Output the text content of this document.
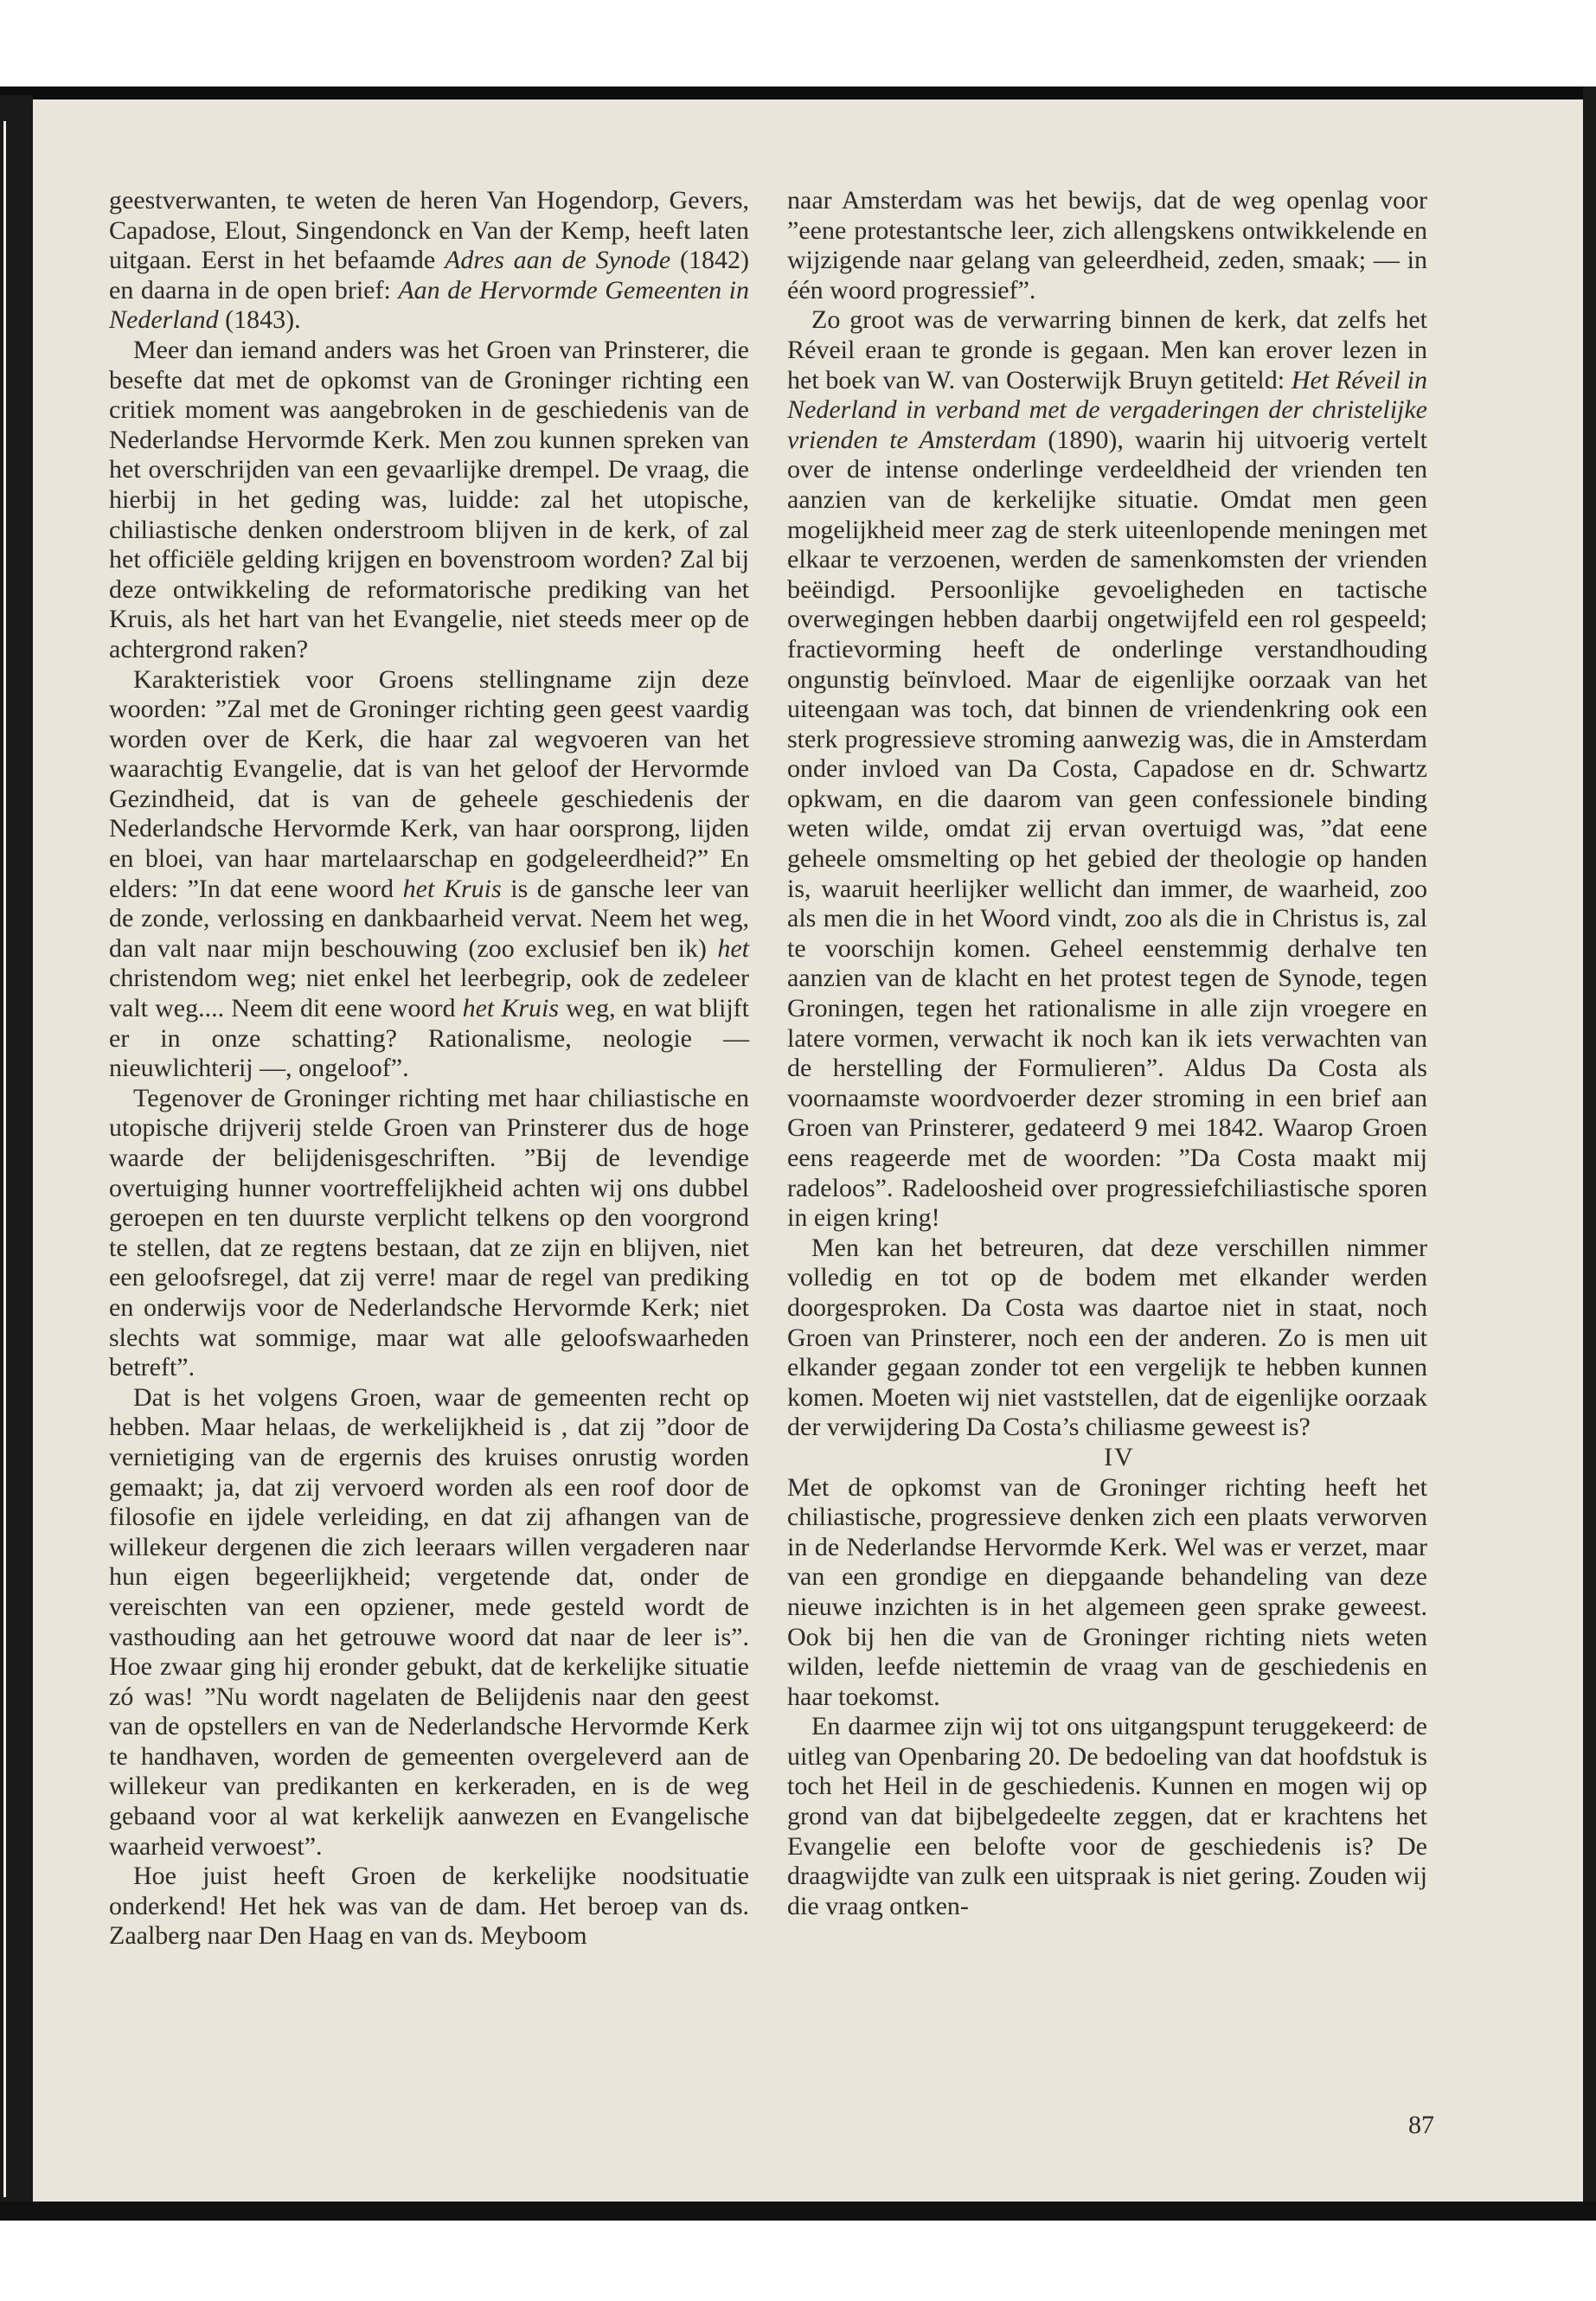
geestverwanten, te weten de heren Van Hogendorp, Gevers, Capadose, Elout, Singendonck en Van der Kemp, heeft laten uitgaan. Eerst in het befaamde Adres aan de Synode (1842) en daarna in de open brief: Aan de Hervormde Gemeenten in Nederland (1843).

Meer dan iemand anders was het Groen van Prinsterer, die besefte dat met de opkomst van de Groninger richting een critiek moment was aangebroken in de geschiedenis van de Nederlandse Hervormde Kerk. Men zou kunnen spreken van het overschrijden van een gevaarlijke drempel. De vraag, die hierbij in het geding was, luidde: zal het utopische, chiliastische denken onderstroom blijven in de kerk, of zal het officiële gelding krijgen en bovenstroom worden? Zal bij deze ontwikkeling de reformatorische prediking van het Kruis, als het hart van het Evangelie, niet steeds meer op de achtergrond raken?

Karakteristiek voor Groens stellingname zijn deze woorden: ”Zal met de Groninger richting geen geest vaardig worden over de Kerk, die haar zal wegvoeren van het waarachtig Evangelie, dat is van het geloof der Hervormde Gezindheid, dat is van de geheele geschiedenis der Nederlandsche Hervormde Kerk, van haar oorsprong, lijden en bloei, van haar martelaarschap en godgeleerdheid?” En elders: ”In dat eene woord het Kruis is de gansche leer van de zonde, verlossing en dankbaarheid vervat. Neem het weg, dan valt naar mijn beschouwing (zoo exclusief ben ik) het christendom weg; niet enkel het leerbegrip, ook de zedeleer valt weg.... Neem dit eene woord het Kruis weg, en wat blijft er in onze schatting? Rationalisme, neologie — nieuwlichterij —, ongeloof”.

Tegenover de Groninger richting met haar chiliastische en utopische drijverij stelde Groen van Prinsterer dus de hoge waarde der belijdenisgeschriften. ”Bij de levendige overtuiging hunner voortreffelijkheid achten wij ons dubbel geroepen en ten duurste verplicht telkens op den voorgrond te stellen, dat ze regtens bestaan, dat ze zijn en blijven, niet een geloofsregel, dat zij verre! maar de regel van prediking en onderwijs voor de Nederlandsche Hervormde Kerk; niet slechts wat sommige, maar wat alle geloofswaarheden betreft”.

Dat is het volgens Groen, waar de gemeenten recht op hebben. Maar helaas, de werkelijkheid is , dat zij ”door de vernietiging van de ergernis des kruises onrustig worden gemaakt; ja, dat zij vervoerd worden als een roof door de filosofie en ijdele verleiding, en dat zij afhangen van de willekeur dergenen die zich leeraars willen vergaderen naar hun eigen begeerlijkheid; vergetende dat, onder de vereischten van een opziener, mede gesteld wordt de vasthouding aan het getrouwe woord dat naar de leer is”. Hoe zwaar ging hij eronder gebukt, dat de kerkelijke situatie zó was! ”Nu wordt nagelaten de Belijdenis naar den geest van de opstellers en van de Nederlandsche Hervormde Kerk te handhaven, worden de gemeenten overgeleverd aan de willekeur van predikanten en kerkeraden, en is de weg gebaand voor al wat kerkelijk aanwezen en Evangelische waarheid verwoest”.

Hoe juist heeft Groen de kerkelijke noodsituatie onderkend! Het hek was van de dam. Het beroep van ds. Zaalberg naar Den Haag en van ds. Meyboom

naar Amsterdam was het bewijs, dat de weg openlag voor ”eene protestantsche leer, zich allengskens ontwikkelende en wijzigende naar gelang van geleerdheid, zeden, smaak; — in één woord progressief”.

Zo groot was de verwarring binnen de kerk, dat zelfs het Réveil eraan te gronde is gegaan. Men kan erover lezen in het boek van W. van Oosterwijk Bruyn getiteld: Het Réveil in Nederland in verband met de vergaderingen der christelijke vrienden te Amsterdam (1890), waarin hij uitvoerig vertelt over de intense onderlinge verdeeldheid der vrienden ten aanzien van de kerkelijke situatie. Omdat men geen mogelijkheid meer zag de sterk uiteenlopende meningen met elkaar te verzoenen, werden de samenkomsten der vrienden beëindigd. Persoonlijke gevoeligheden en tactische overwegingen hebben daarbij ongetwijfeld een rol gespeeld; fractievorming heeft de onderlinge verstandhouding ongunstig beïnvloed. Maar de eigenlijke oorzaak van het uiteengaan was toch, dat binnen de vriendenkring ook een sterk progressieve stroming aanwezig was, die in Amsterdam onder invloed van Da Costa, Capadose en dr. Schwartz opkwam, en die daarom van geen confessionele binding weten wilde, omdat zij ervan overtuigd was, ”dat eene geheele omsmelting op het gebied der theologie op handen is, waaruit heerlijker wellicht dan immer, de waarheid, zoo als men die in het Woord vindt, zoo als die in Christus is, zal te voorschijn komen. Geheel eenstemmig derhalve ten aanzien van de klacht en het protest tegen de Synode, tegen Groningen, tegen het rationalisme in alle zijn vroegere en latere vormen, verwacht ik noch kan ik iets verwachten van de herstelling der Formulieren”. Aldus Da Costa als voornaamste woordvoerder dezer stroming in een brief aan Groen van Prinsterer, gedateerd 9 mei 1842. Waarop Groen eens reageerde met de woorden: ”Da Costa maakt mij radeloos”. Radeloosheid over progressiefchiliastische sporen in eigen kring!

Men kan het betreuren, dat deze verschillen nimmer volledig en tot op de bodem met elkander werden doorgesproken. Da Costa was daartoe niet in staat, noch Groen van Prinsterer, noch een der anderen. Zo is men uit elkander gegaan zonder tot een vergelijk te hebben kunnen komen. Moeten wij niet vaststellen, dat de eigenlijke oorzaak der verwijdering Da Costa’s chiliasme geweest is?

IV

Met de opkomst van de Groninger richting heeft het chiliastische, progressieve denken zich een plaats verworven in de Nederlandse Hervormde Kerk. Wel was er verzet, maar van een grondige en diepgaande behandeling van deze nieuwe inzichten is in het algemeen geen sprake geweest. Ook bij hen die van de Groninger richting niets weten wilden, leefde niettemin de vraag van de geschiedenis en haar toekomst.

En daarmee zijn wij tot ons uitgangspunt teruggekeerd: de uitleg van Openbaring 20. De bedoeling van dat hoofdstuk is toch het Heil in de geschiedenis. Kunnen en mogen wij op grond van dat bijbelgedeelte zeggen, dat er krachtens het Evangelie een belofte voor de geschiedenis is? De draagwijdte van zulk een uitspraak is niet gering. Zouden wij die vraag ontken-

87
